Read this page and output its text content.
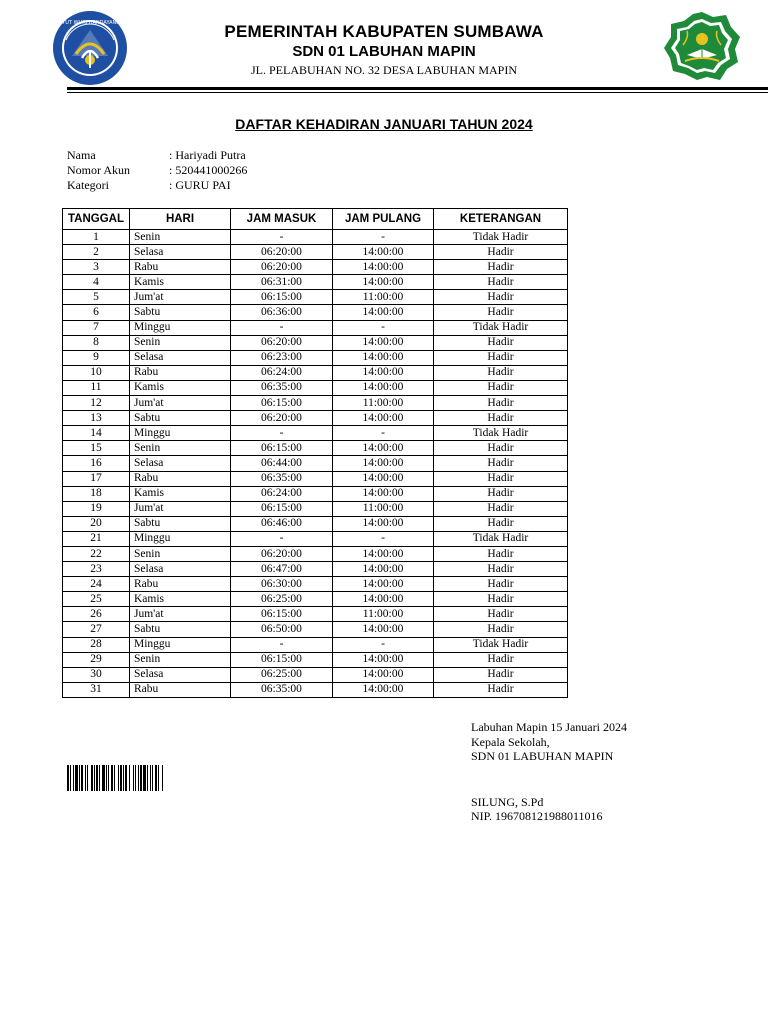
TUT WURI HANDAYANI	PEMERINTAH KABUPATEN SUMBAWA
SDN 01 LABUHAN MAPIN
JL. PELABUHAN NO. 32 DESA LABUHAN MAPIN
DAFTAR KEHADIRAN JANUARI TAHUN 2024
Nama	: Hariyadi Putra
Nomor Akun	: 520441000266
Kategori	: GURU PAI
TANGGAL	HARI	JAM MASUK	JAM PULANG	KETERANGAN
1	Senin	-	-	Tidak Hadir
2	Selasa	06:20:00	14:00:00	Hadir
3	Rabu	06:20:00	14:00:00	Hadir
4	Kamis	06:31:00	14:00:00	Hadir
5	Jum'at	06:15:00	11:00:00	Hadir
6	Sabtu	06:36:00	14:00:00	Hadir
7	Minggu	-	-	Tidak Hadir
8	Senin	06:20:00	14:00:00	Hadir
9	Selasa	06:23:00	14:00:00	Hadir
10	Rabu	06:24:00	14:00:00	Hadir
11	Kamis	06:35:00	14:00:00	Hadir
12	Jum'at	06:15:00	11:00:00	Hadir
13	Sabtu	06:20:00	14:00:00	Hadir
14	Minggu	-	-	Tidak Hadir
15	Senin	06:15:00	14:00:00	Hadir
16	Selasa	06:44:00	14:00:00	Hadir
17	Rabu	06:35:00	14:00:00	Hadir
18	Kamis	06:24:00	14:00:00	Hadir
19	Jum'at	06:15:00	11:00:00	Hadir
20	Sabtu	06:46:00	14:00:00	Hadir
21	Minggu	-	-	Tidak Hadir
22	Senin	06:20:00	14:00:00	Hadir
23	Selasa	06:47:00	14:00:00	Hadir
24	Rabu	06:30:00	14:00:00	Hadir
25	Kamis	06:25:00	14:00:00	Hadir
26	Jum'at	06:15:00	11:00:00	Hadir
27	Sabtu	06:50:00	14:00:00	Hadir
28	Minggu	-	-	Tidak Hadir
29	Senin	06:15:00	14:00:00	Hadir
30	Selasa	06:25:00	14:00:00	Hadir
31	Rabu	06:35:00	14:00:00	Hadir
Labuhan Mapin 15 Januari 2024
Kepala Sekolah,
SDN 01 LABUHAN MAPIN
SILUNG, S.Pd
NIP. 196708121988011016
